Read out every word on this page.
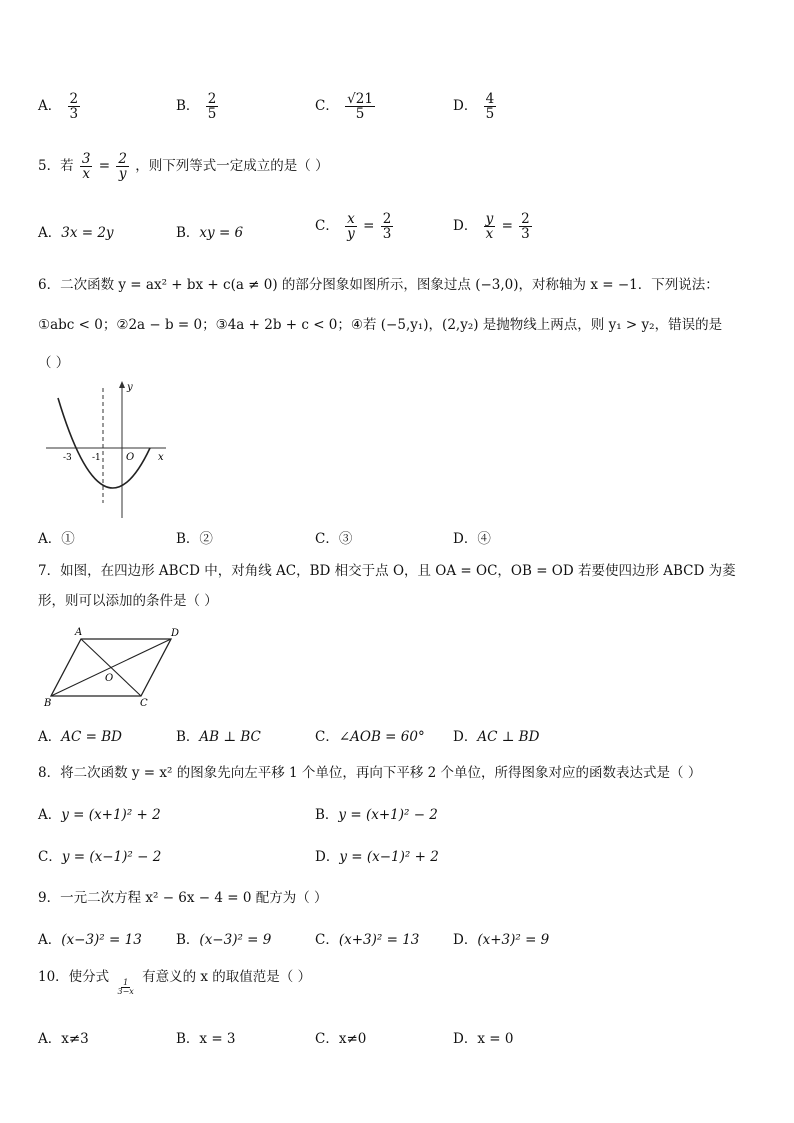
A． $\frac{2}{3}$	B． $\frac{2}{5}$	C． $\frac{√21}{5}$	D． $\frac{4}{5}$
5．若 $\frac{3}{x} = \frac{2}{y}$ ，则下列等式一定成立的是（ ）
A．3x = 2y	B．xy = 6	C． $\frac{x}{y} = \frac{2}{3}$	D． $\frac{y}{x} = \frac{2}{3}$
6．二次函数 y = ax² + bx + c(a ≠ 0) 的部分图象如图所示，图象过点 (−3,0)，对称轴为 x = −1．下列说法：
①abc < 0；②2a − b = 0；③4a + 2b + c < 0；④若 (−5,y₁)，(2,y₂) 是抛物线上两点，则 y₁ > y₂，错误的是
（ ）
y
x
-3 -1	O
A．①	B．②	C．③	D．④
7．如图，在四边形 ABCD 中，对角线 AC，BD 相交于点 O，且 OA = OC，OB = OD 若要使四边形 ABCD 为菱
形，则可以添加的条件是（ ）
A	D
B	C
O
A．AC = BD	B．AB ⊥ BC	C．∠AOB = 60° D．AC ⊥ BD
8．将二次函数 y = x² 的图象先向左平移 1 个单位，再向下平移 2 个单位，所得图象对应的函数表达式是（ ）
A．y = (x+1)² + 2	B．y = (x+1)² − 2
C．y = (x−1)² − 2	D．y = (x−1)² + 2
9．一元二次方程 x² − 6x − 4 = 0 配方为（ ）
A．(x−3)² = 13	B．(x−3)² = 9	C．(x+3)² = 13 D．(x+3)² = 9
10．使分式
$\frac{1}{3-x}$
有意义的 x 的取值范是（ ）
A．x≠3	B．x = 3	C．x≠0	D．x = 0
